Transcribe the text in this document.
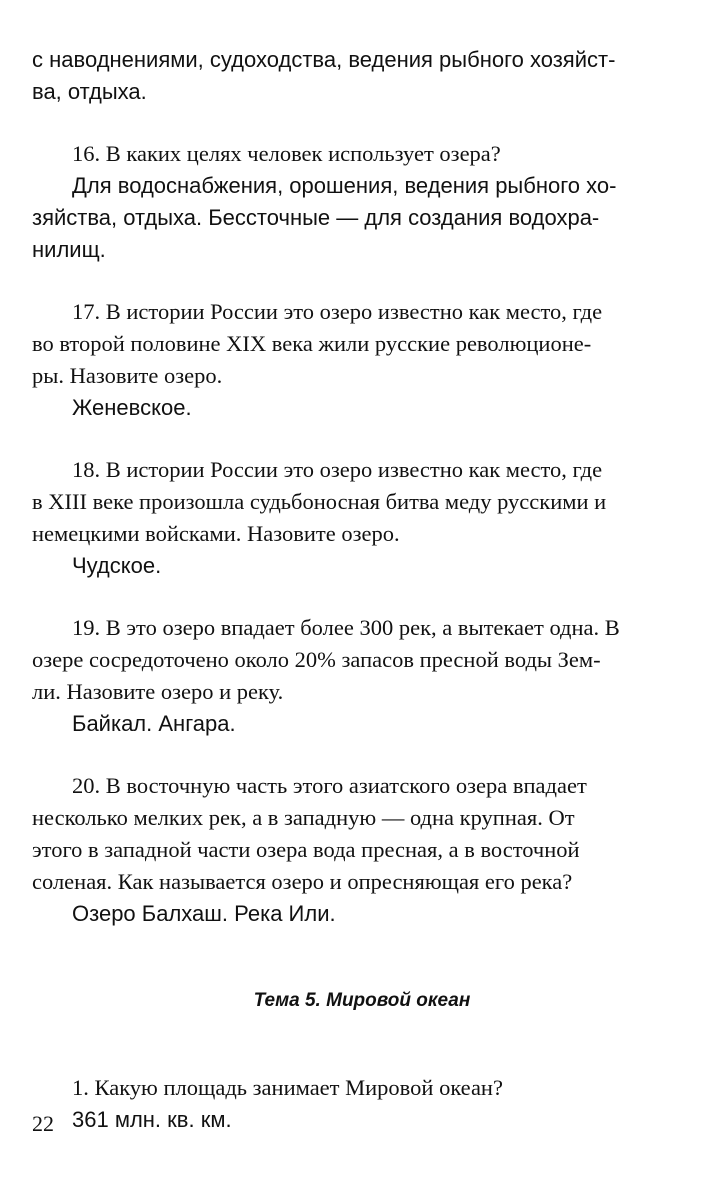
с наводнениями, судоходства, ведения рыбного хозяйст-
ва, отдыха.

16. В каких целях человек использует озера?

Для водоснабжения, орошения, ведения рыбного хо-
зяйства, отдыха. Бессточные — для создания водохра-
нилищ.

17. В истории России это озеро известно как место, где
во второй половине XIX века жили русские революционе-
ры. Назовите озеро.

Женевское.

18. В истории России это озеро известно как место, где
в XIII веке произошла судьбоносная битва меду русскими и
немецкими войсками. Назовите озеро.

Чудское.

19. В это озеро впадает более 300 рек, а вытекает одна. В
озере сосредоточено около 20% запасов пресной воды Зем-
ли. Назовите озеро и реку.

Байкал. Ангара.

20. В восточную часть этого азиатского озера впадает
несколько мелких рек, а в западную — одна крупная. От
этого в западной части озера вода пресная, а в восточной
соленая. Как называется озеро и опресняющая его река?

Озеро Балхаш. Река Или.

Тема 5. Мировой океан

1. Какую площадь занимает Мировой океан?

361 млн. кв. км.

22
